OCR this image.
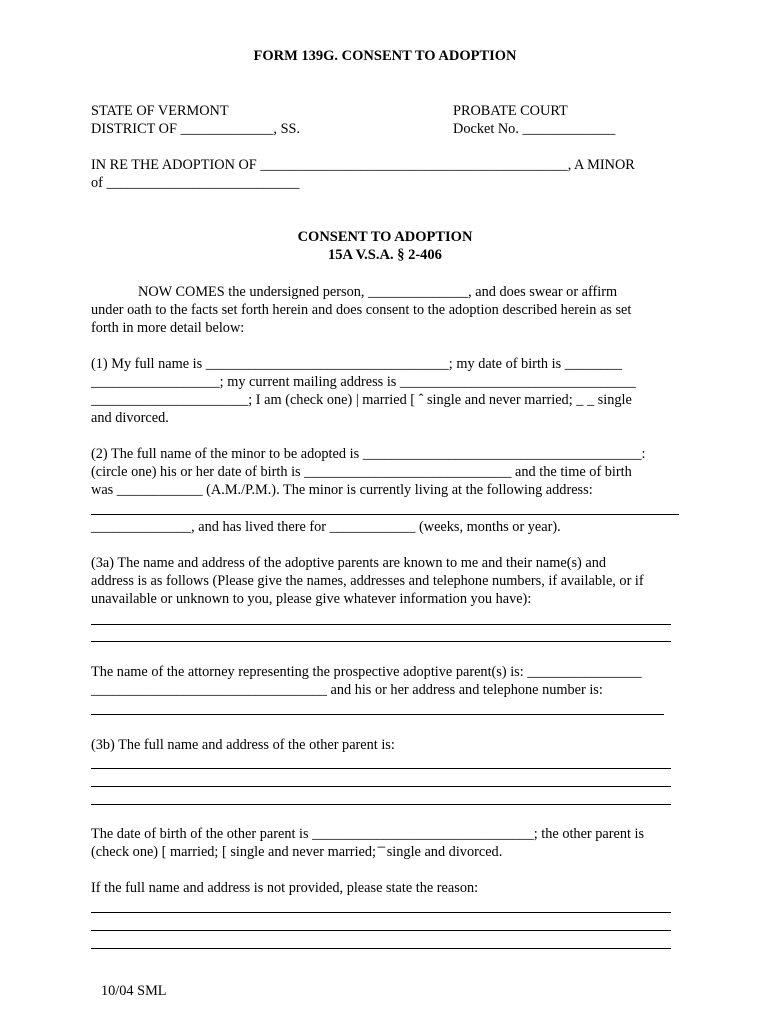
FORM 139G. CONSENT TO ADOPTION
STATE OF VERMONT
DISTRICT OF _____________, SS.
PROBATE COURT
Docket No. _____________
IN RE THE ADOPTION OF ___________________________________________, A MINOR
of ___________________________
CONSENT TO ADOPTION
15A V.S.A. § 2-406
NOW COMES the undersigned person, ______________, and does swear or affirm
under oath to the facts set forth herein and does consent to the adoption described herein as set
forth in more detail below:
(1) My full name is __________________________________; my date of birth is ________
__________________; my current mailing address is _________________________________
______________________; I am (check one) | married [ ˆ single and never married; _ _ single
and divorced.
(2) The full name of the minor to be adopted is _______________________________________:
(circle one) his or her date of birth is _____________________________ and the time of birth
was ____________ (A.M./P.M.). The minor is currently living at the following address:
______________, and has lived there for ____________ (weeks, months or year).
(3a) The name and address of the adoptive parents are known to me and their name(s) and
address is as follows (Please give the names, addresses and telephone numbers, if available, or if
unavailable or unknown to you, please give whatever information you have):
The name of the attorney representing the prospective adoptive parent(s) is: ________________
_________________________________ and his or her address and telephone number is:
(3b) The full name and address of the other parent is:
The date of birth of the other parent is _______________________________; the other parent is
(check one) [ married; [ single and never married; ̄ ̄ single and divorced.
If the full name and address is not provided, please state the reason:
10/04 SML
